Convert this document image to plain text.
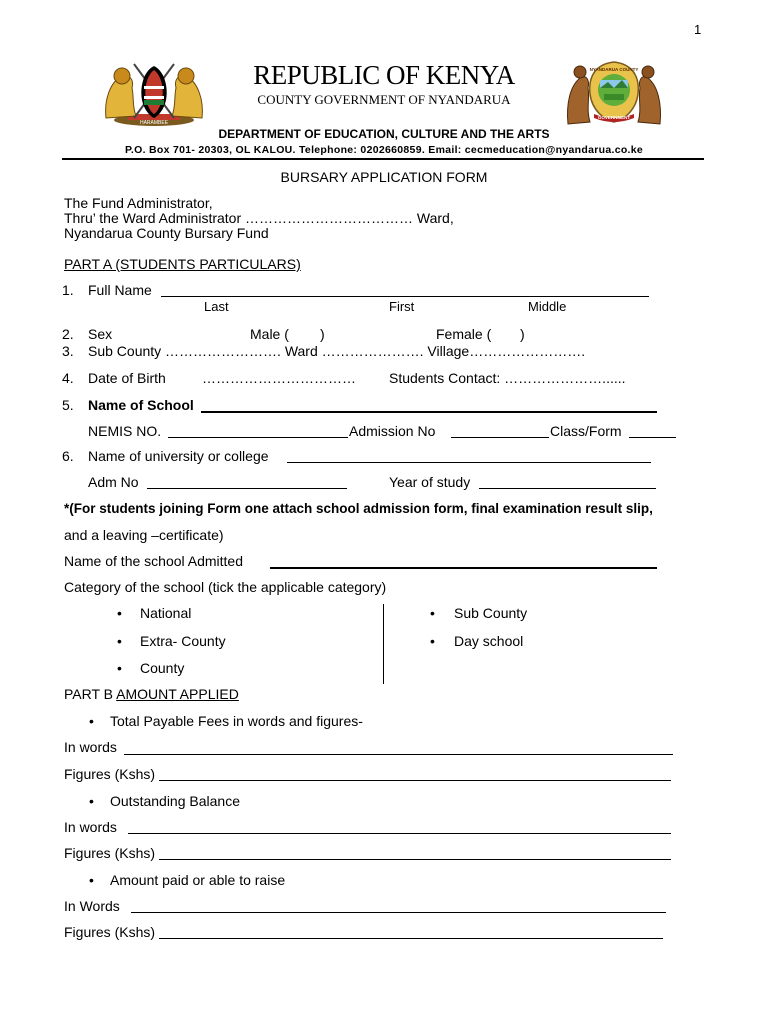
1
HARAMBEE
NYANDARUA COUNTY
GOVERNMENT
REPUBLIC OF KENYA
COUNTY GOVERNMENT OF NYANDARUA
DEPARTMENT OF EDUCATION, CULTURE AND THE ARTS
P.O. Box 701- 20303, OL KALOU. Telephone: 0202660859. Email: cecmeducation@nyandarua.co.ke
BURSARY APPLICATION FORM
The Fund Administrator,
Thru’ the Ward Administrator ……………………………… Ward,
Nyandarua County Bursary Fund
PART A (STUDENTS PARTICULARS)
1. Full Name
Last	First	Middle
2. Sex	Male ( )	Female ( )
3. Sub County ……………………. Ward …………………. Village…………………….
4. Date of Birth	…………………………… Students Contact: …………………......
5. Name of School
NEMIS NO.	Admission No	Class/Form
6. Name of university or college
Adm No	Year of study
*(For students joining Form one attach school admission form, final examination result slip,
and a leaving –certificate)
Name of the school Admitted
Category of the school (tick the applicable category)
• National
• Extra- County
• County
• Sub County
• Day school
PART B AMOUNT APPLIED
• Total Payable Fees in words and figures-
In words
Figures (Kshs)
• Outstanding Balance
In words
Figures (Kshs)
• Amount paid or able to raise
In Words
Figures (Kshs)
